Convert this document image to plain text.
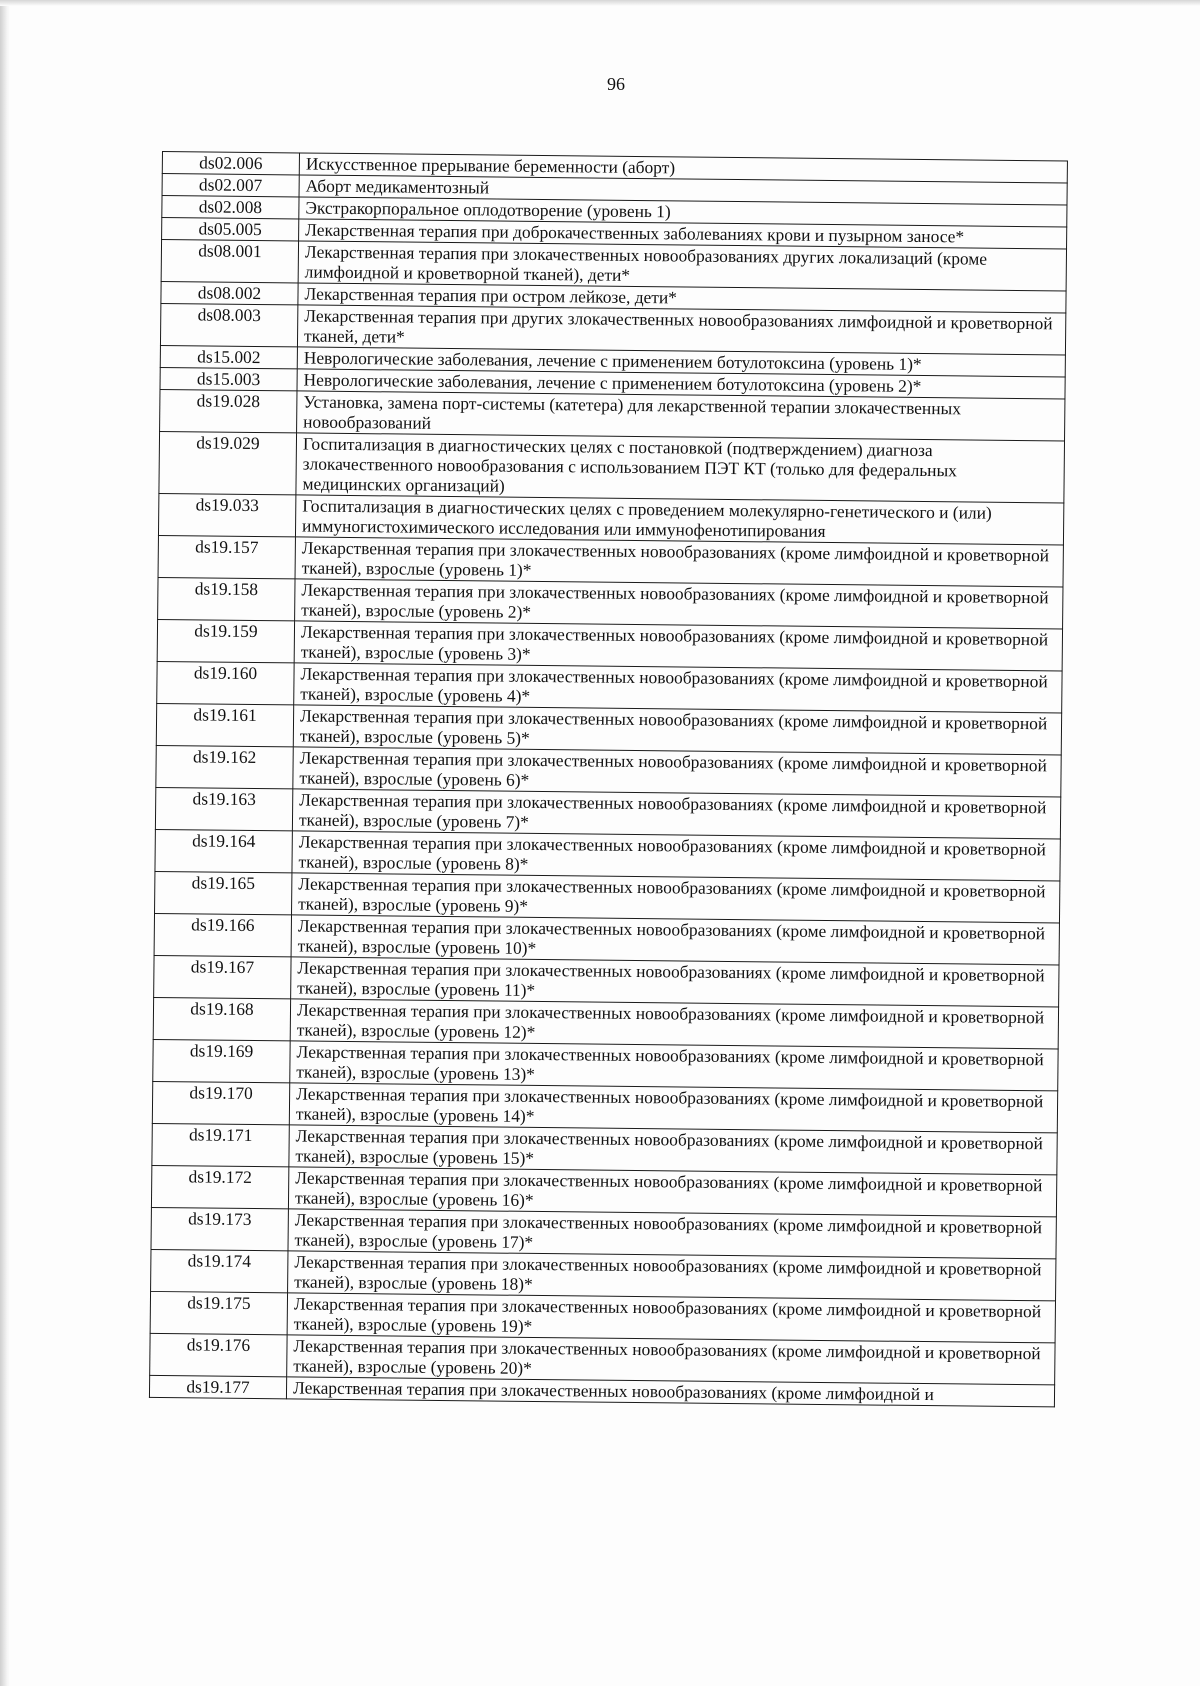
96
ds02.006	Искусственное прерывание беременности (аборт)
ds02.007	Аборт медикаментозный
ds02.008	Экстракорпоральное оплодотворение (уровень 1)
ds05.005	Лекарственная терапия при доброкачественных заболеваниях крови и пузырном заносе*
ds08.001	Лекарственная терапия при злокачественных новообразованиях других локализаций (кроме лимфоидной и кроветворной тканей), дети*
ds08.002	Лекарственная терапия при остром лейкозе, дети*
ds08.003	Лекарственная терапия при других злокачественных новообразованиях лимфоидной и кроветворной тканей, дети*
ds15.002	Неврологические заболевания, лечение с применением ботулотоксина (уровень 1)*
ds15.003	Неврологические заболевания, лечение с применением ботулотоксина (уровень 2)*
ds19.028	Установка, замена порт-системы (катетера) для лекарственной терапии злокачественных новообразований
ds19.029	Госпитализация в диагностических целях с постановкой (подтверждением) диагноза злокачественного новообразования с использованием ПЭТ КТ (только для федеральных медицинских организаций)
ds19.033	Госпитализация в диагностических целях с проведением молекулярно-генетического и (или) иммуногистохимического исследования или иммунофенотипирования
ds19.157	Лекарственная терапия при злокачественных новообразованиях (кроме лимфоидной и кроветворной тканей), взрослые (уровень 1)*
ds19.158	Лекарственная терапия при злокачественных новообразованиях (кроме лимфоидной и кроветворной тканей), взрослые (уровень 2)*
ds19.159	Лекарственная терапия при злокачественных новообразованиях (кроме лимфоидной и кроветворной тканей), взрослые (уровень 3)*
ds19.160	Лекарственная терапия при злокачественных новообразованиях (кроме лимфоидной и кроветворной тканей), взрослые (уровень 4)*
ds19.161	Лекарственная терапия при злокачественных новообразованиях (кроме лимфоидной и кроветворной тканей), взрослые (уровень 5)*
ds19.162	Лекарственная терапия при злокачественных новообразованиях (кроме лимфоидной и кроветворной тканей), взрослые (уровень 6)*
ds19.163	Лекарственная терапия при злокачественных новообразованиях (кроме лимфоидной и кроветворной тканей), взрослые (уровень 7)*
ds19.164	Лекарственная терапия при злокачественных новообразованиях (кроме лимфоидной и кроветворной тканей), взрослые (уровень 8)*
ds19.165	Лекарственная терапия при злокачественных новообразованиях (кроме лимфоидной и кроветворной тканей), взрослые (уровень 9)*
ds19.166	Лекарственная терапия при злокачественных новообразованиях (кроме лимфоидной и кроветворной тканей), взрослые (уровень 10)*
ds19.167	Лекарственная терапия при злокачественных новообразованиях (кроме лимфоидной и кроветворной тканей), взрослые (уровень 11)*
ds19.168	Лекарственная терапия при злокачественных новообразованиях (кроме лимфоидной и кроветворной тканей), взрослые (уровень 12)*
ds19.169	Лекарственная терапия при злокачественных новообразованиях (кроме лимфоидной и кроветворной тканей), взрослые (уровень 13)*
ds19.170	Лекарственная терапия при злокачественных новообразованиях (кроме лимфоидной и кроветворной тканей), взрослые (уровень 14)*
ds19.171	Лекарственная терапия при злокачественных новообразованиях (кроме лимфоидной и кроветворной тканей), взрослые (уровень 15)*
ds19.172	Лекарственная терапия при злокачественных новообразованиях (кроме лимфоидной и кроветворной тканей), взрослые (уровень 16)*
ds19.173	Лекарственная терапия при злокачественных новообразованиях (кроме лимфоидной и кроветворной тканей), взрослые (уровень 17)*
ds19.174	Лекарственная терапия при злокачественных новообразованиях (кроме лимфоидной и кроветворной тканей), взрослые (уровень 18)*
ds19.175	Лекарственная терапия при злокачественных новообразованиях (кроме лимфоидной и кроветворной тканей), взрослые (уровень 19)*
ds19.176	Лекарственная терапия при злокачественных новообразованиях (кроме лимфоидной и кроветворной тканей), взрослые (уровень 20)*
ds19.177	Лекарственная терапия при злокачественных новообразованиях (кроме лимфоидной и
